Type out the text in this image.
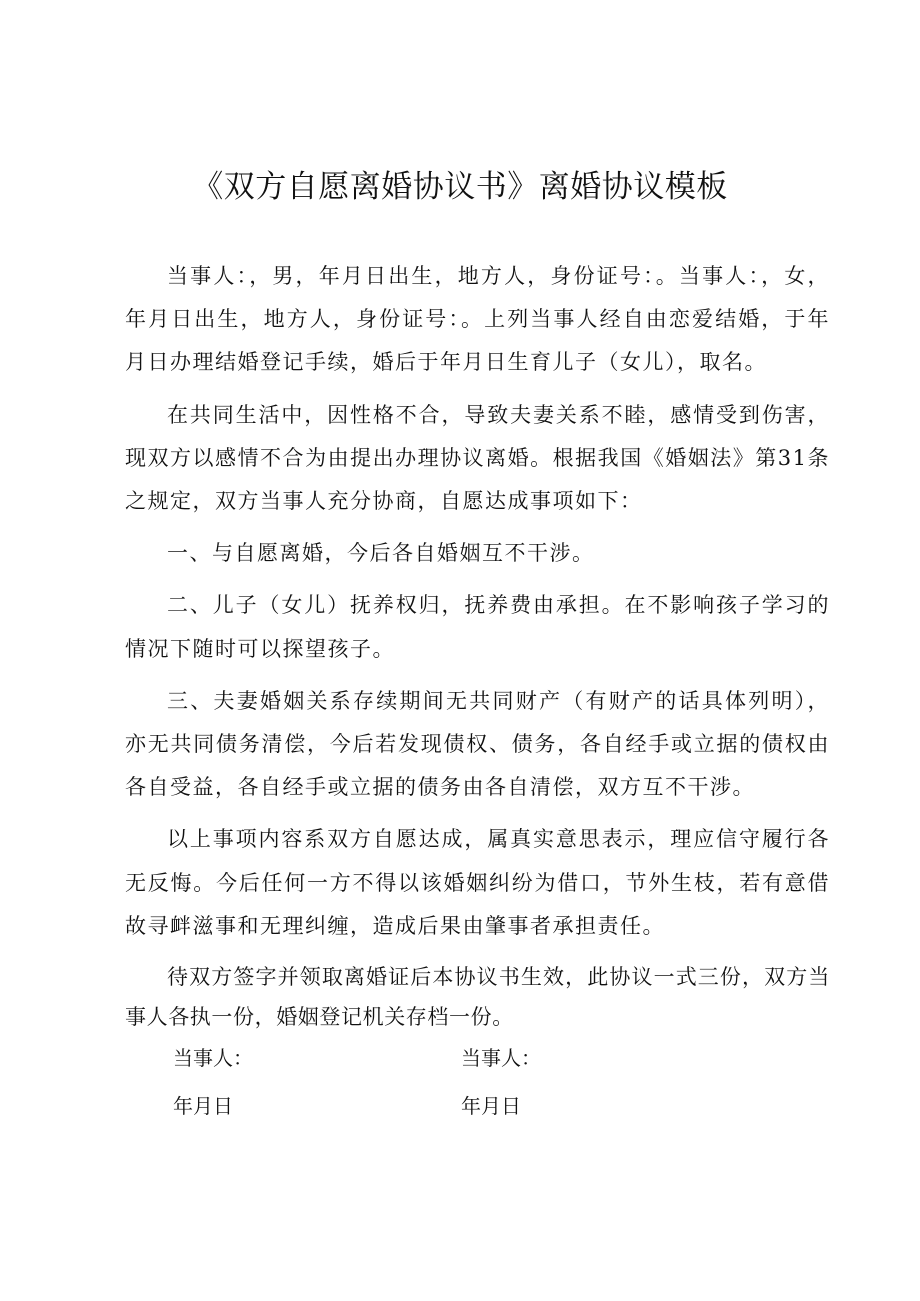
《双方自愿离婚协议书》离婚协议模板

当事人：，男，年月日出生，地方人，身份证号：。当事人：，女，年月日出生，地方人，身份证号：。上列当事人经自由恋爱结婚，于年月日办理结婚登记手续，婚后于年月日生育儿子（女儿），取名。

在共同生活中，因性格不合，导致夫妻关系不睦，感情受到伤害，现双方以感情不合为由提出办理协议离婚。根据我国《婚姻法》第31条之规定，双方当事人充分协商，自愿达成事项如下：

一、与自愿离婚，今后各自婚姻互不干涉。

二、儿子（女儿）抚养权归，抚养费由承担。在不影响孩子学习的情况下随时可以探望孩子。

三、夫妻婚姻关系存续期间无共同财产（有财产的话具体列明），亦无共同债务清偿，今后若发现债权、债务，各自经手或立据的债权由各自受益，各自经手或立据的债务由各自清偿，双方互不干涉。

以上事项内容系双方自愿达成，属真实意思表示，理应信守履行各无反悔。今后任何一方不得以该婚姻纠纷为借口，节外生枝，若有意借故寻衅滋事和无理纠缠，造成后果由肇事者承担责任。

待双方签字并领取离婚证后本协议书生效，此协议一式三份，双方当事人各执一份，婚姻登记机关存档一份。

当事人：	当事人：
年月日	年月日
